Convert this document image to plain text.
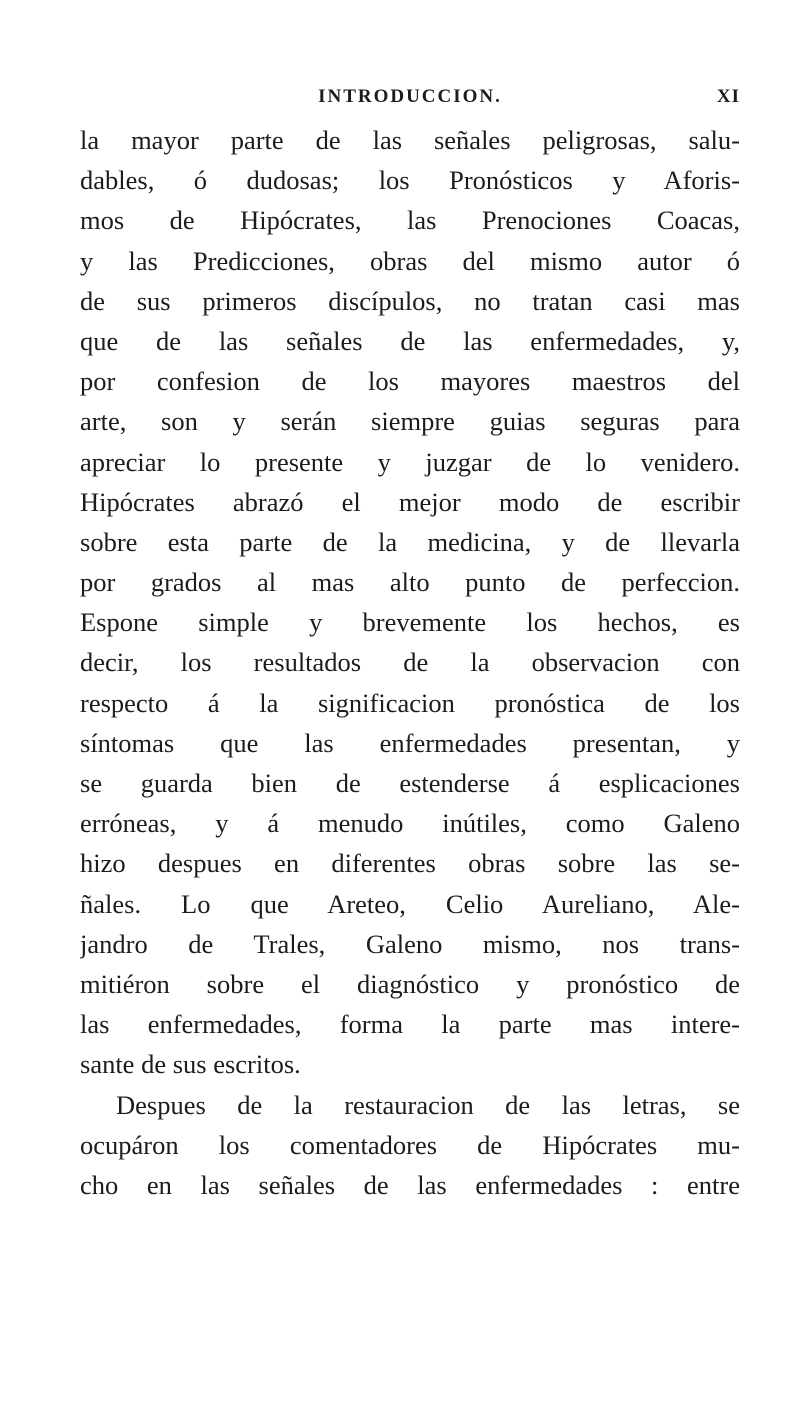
INTRODUCCION.	XI
la mayor parte de las señales peligrosas, salu-
dables, ó dudosas; los Pronósticos y Aforis-
mos de Hipócrates, las Prenociones Coacas,
y las Predicciones, obras del mismo autor ó
de sus primeros discípulos, no tratan casi mas
que de las señales de las enfermedades, y,
por confesion de los mayores maestros del
arte, son y serán siempre guias seguras para
apreciar lo presente y juzgar de lo venidero.
Hipócrates abrazó el mejor modo de escribir
sobre esta parte de la medicina, y de llevarla
por grados al mas alto punto de perfeccion.
Espone simple y brevemente los hechos, es
decir, los resultados de la observacion con
respecto á la significacion pronóstica de los
síntomas que las enfermedades presentan, y
se guarda bien de estenderse á esplicaciones
erróneas, y á menudo inútiles, como Galeno
hizo despues en diferentes obras sobre las se-
ñales. Lo que Areteo, Celio Aureliano, Ale-
jandro de Trales, Galeno mismo, nos trans-
mitiéron sobre el diagnóstico y pronóstico de
las enfermedades, forma la parte mas intere-
sante de sus escritos.
Despues de la restauracion de las letras, se
ocupáron los comentadores de Hipócrates mu-
cho en las señales de las enfermedades : entre
